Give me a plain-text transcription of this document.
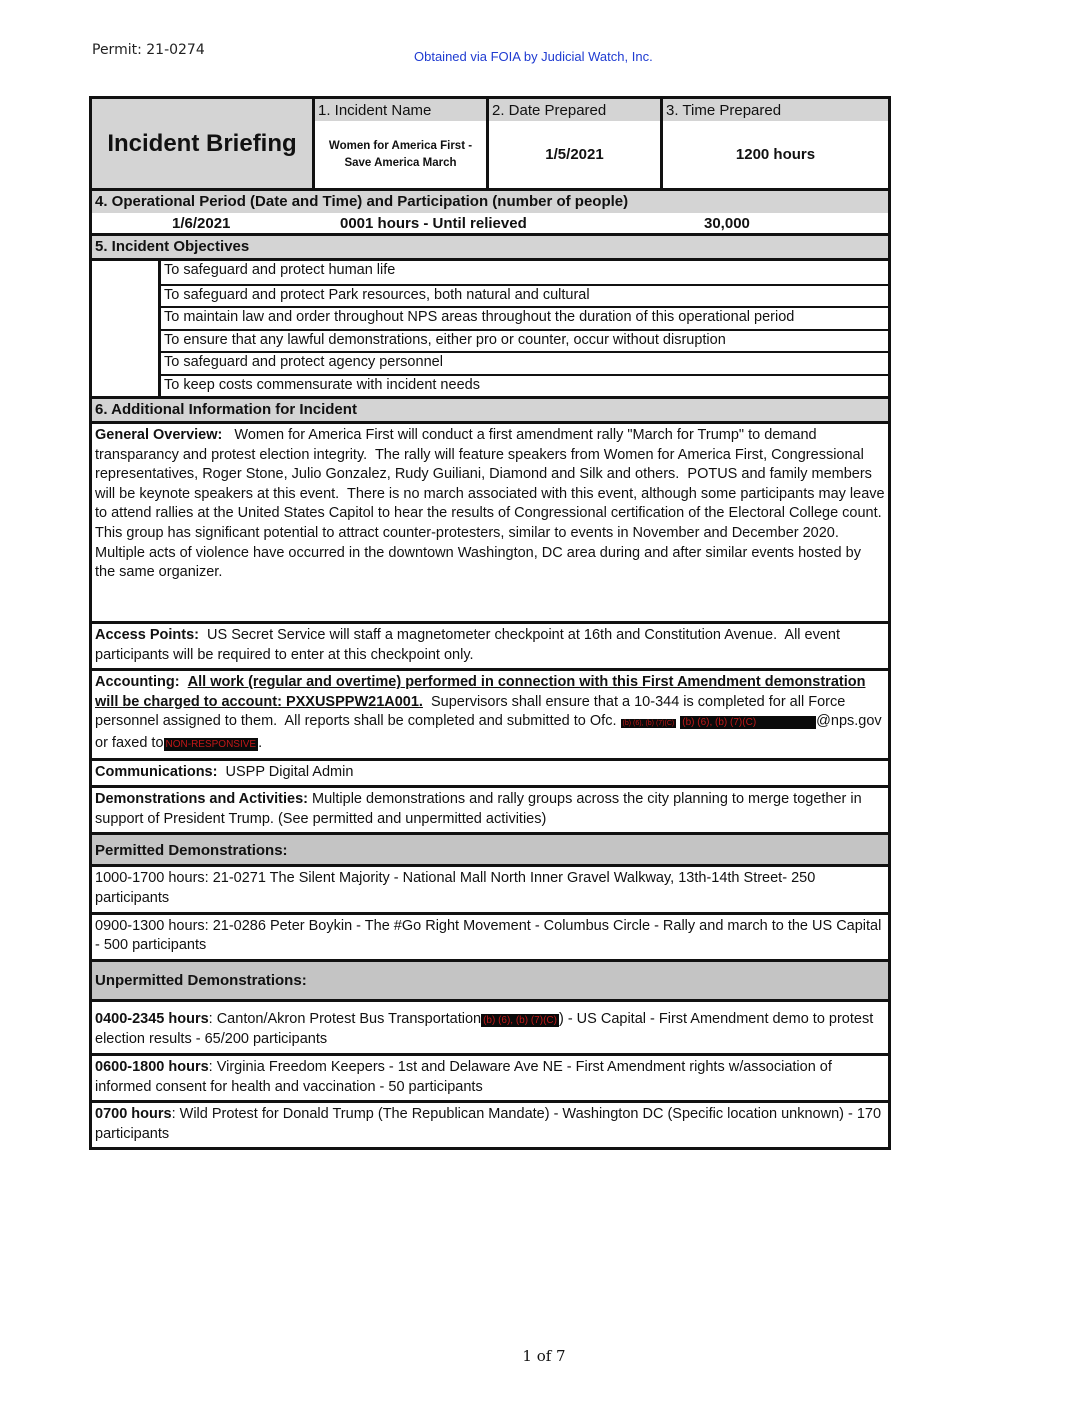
Permit: 21-0274	Obtained via FOIA by Judicial Watch, Inc.
Incident Briefing
1. Incident Name
Women for America First -
Save America March
2. Date Prepared
1/5/2021
3. Time Prepared
1200 hours
4. Operational Period (Date and Time) and Participation (number of people)
1/6/2021	0001 hours - Until relieved	30,000
5. Incident Objectives
To safeguard and protect human life
To safeguard and protect Park resources, both natural and cultural
To maintain law and order throughout NPS areas throughout the duration of this operational period
To ensure that any lawful demonstrations, either pro or counter, occur without disruption
To safeguard and protect agency personnel
To keep costs commensurate with incident needs
6. Additional Information for Incident
General Overview:   Women for America First will conduct a first amendment rally "March for Trump" to demand transparancy and protest election integrity.  The rally will feature speakers from Women for America First, Congressional representatives, Roger Stone, Julio Gonzalez, Rudy Guiliani, Diamond and Silk and others.  POTUS and family members will be keynote speakers at this event.  There is no march associated with this event, although some participants may leave to attend rallies at the United States Capitol to hear the results of Congressional certification of the Electoral College count.  This group has significant potential to attract counter-protesters, similar to events in November and December 2020.  Multiple acts of violence have occurred in the downtown Washington, DC area during and after similar events hosted by the same organizer.
Access Points:  US Secret Service will staff a magnetometer checkpoint at 16th and Constitution Avenue.  All event participants will be required to enter at this checkpoint only.
Accounting: All work (regular and overtime) performed in connection with this First Amendment demonstration will be charged to account: PXXUSPPW21A001.  Supervisors shall ensure that a 10-344 is completed for all Force personnel assigned to them.  All reports shall be completed and submitted to Ofc. (b) (6), (b) (7)(C) (b) (6), (b) (7)(C)	@nps.gov or faxed to NON-RESPONSIVE .
Communications:  USPP Digital Admin
Demonstrations and Activities: Multiple demonstrations and rally groups across the city planning to merge together in support of President Trump. (See permitted and unpermitted activities)
Permitted Demonstrations:
1000-1700 hours: 21-0271 The Silent Majority - National Mall North Inner Gravel Walkway, 13th-14th Street- 250 participants
0900-1300 hours: 21-0286 Peter Boykin - The #Go Right Movement - Columbus Circle - Rally and march to the US Capital - 500 participants
Unpermitted Demonstrations:
0400-2345 hours: Canton/Akron Protest Bus Transportation (b) (6), (b) (7)(C) ) - US Capital - First Amendment demo to protest election results - 65/200 participants
0600-1800 hours: Virginia Freedom Keepers - 1st and Delaware Ave NE - First Amendment rights w/association of informed consent for health and vaccination - 50 participants
0700 hours: Wild Protest for Donald Trump (The Republican Mandate) - Washington DC (Specific location unknown) - 170 participants
1 of 7
